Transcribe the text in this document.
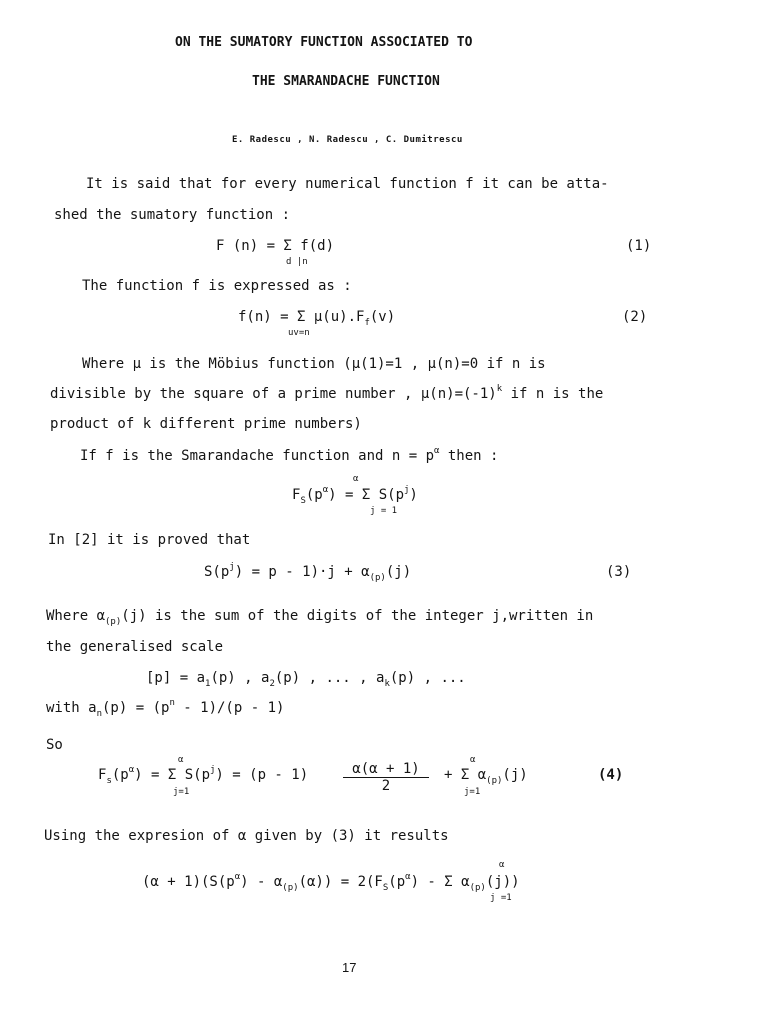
ON THE SUMATORY FUNCTION ASSOCIATED TO
THE SMARANDACHE FUNCTION
E. Radescu , N. Radescu , C. Dumitrescu
It is said that for every numerical function f it can be atta-
shed the sumatory function :
F (n) = Σ f(d)
d |n
(1)
The function f is expressed as :
f(n) = Σ $\mu(u).F_f(v)$
uv=n
(2)
Where μ is the Möbius function (μ(1)=1 , μ(n)=0 if n is
divisible by the square of a prime number , $\mu(n)=(-1)^k$ if n is the
product of k different prime numbers)
If f is the Smarandache function and $n = p^\alpha$ then :
α
$F_S(p^\alpha) = \Sigma$ $S(p^j)$
j = 1
In [2] it is proved that
$S(p^j) = p - 1)\cdot j + \alpha_{(p)}(j)$	(3)
Where $\alpha_{(p)}(j)$ is the sum of the digits of the integer j,written in
the generalised scale
$[p] = a_1(p)$ , $a_2(p)$ , ... , $a_k(p)$ , ...
with $a_n(p) = (p^n - 1)/(p - 1)$
So
α
$F_s(p^\alpha) = \Sigma$ $S(p^j) = (p - 1)$
j=1
α(α + 1)
2
α
+ Σ $\alpha_{(p)}(j)$
j=1
(4)
Using the expresion of α given by (3) it results
α
$(\alpha + 1)(S(p^\alpha) - \alpha_{(p)}(\alpha)) = 2(F_S(p^\alpha) - \Sigma$ $\alpha_{(p)}(j)$)
j =1
17
